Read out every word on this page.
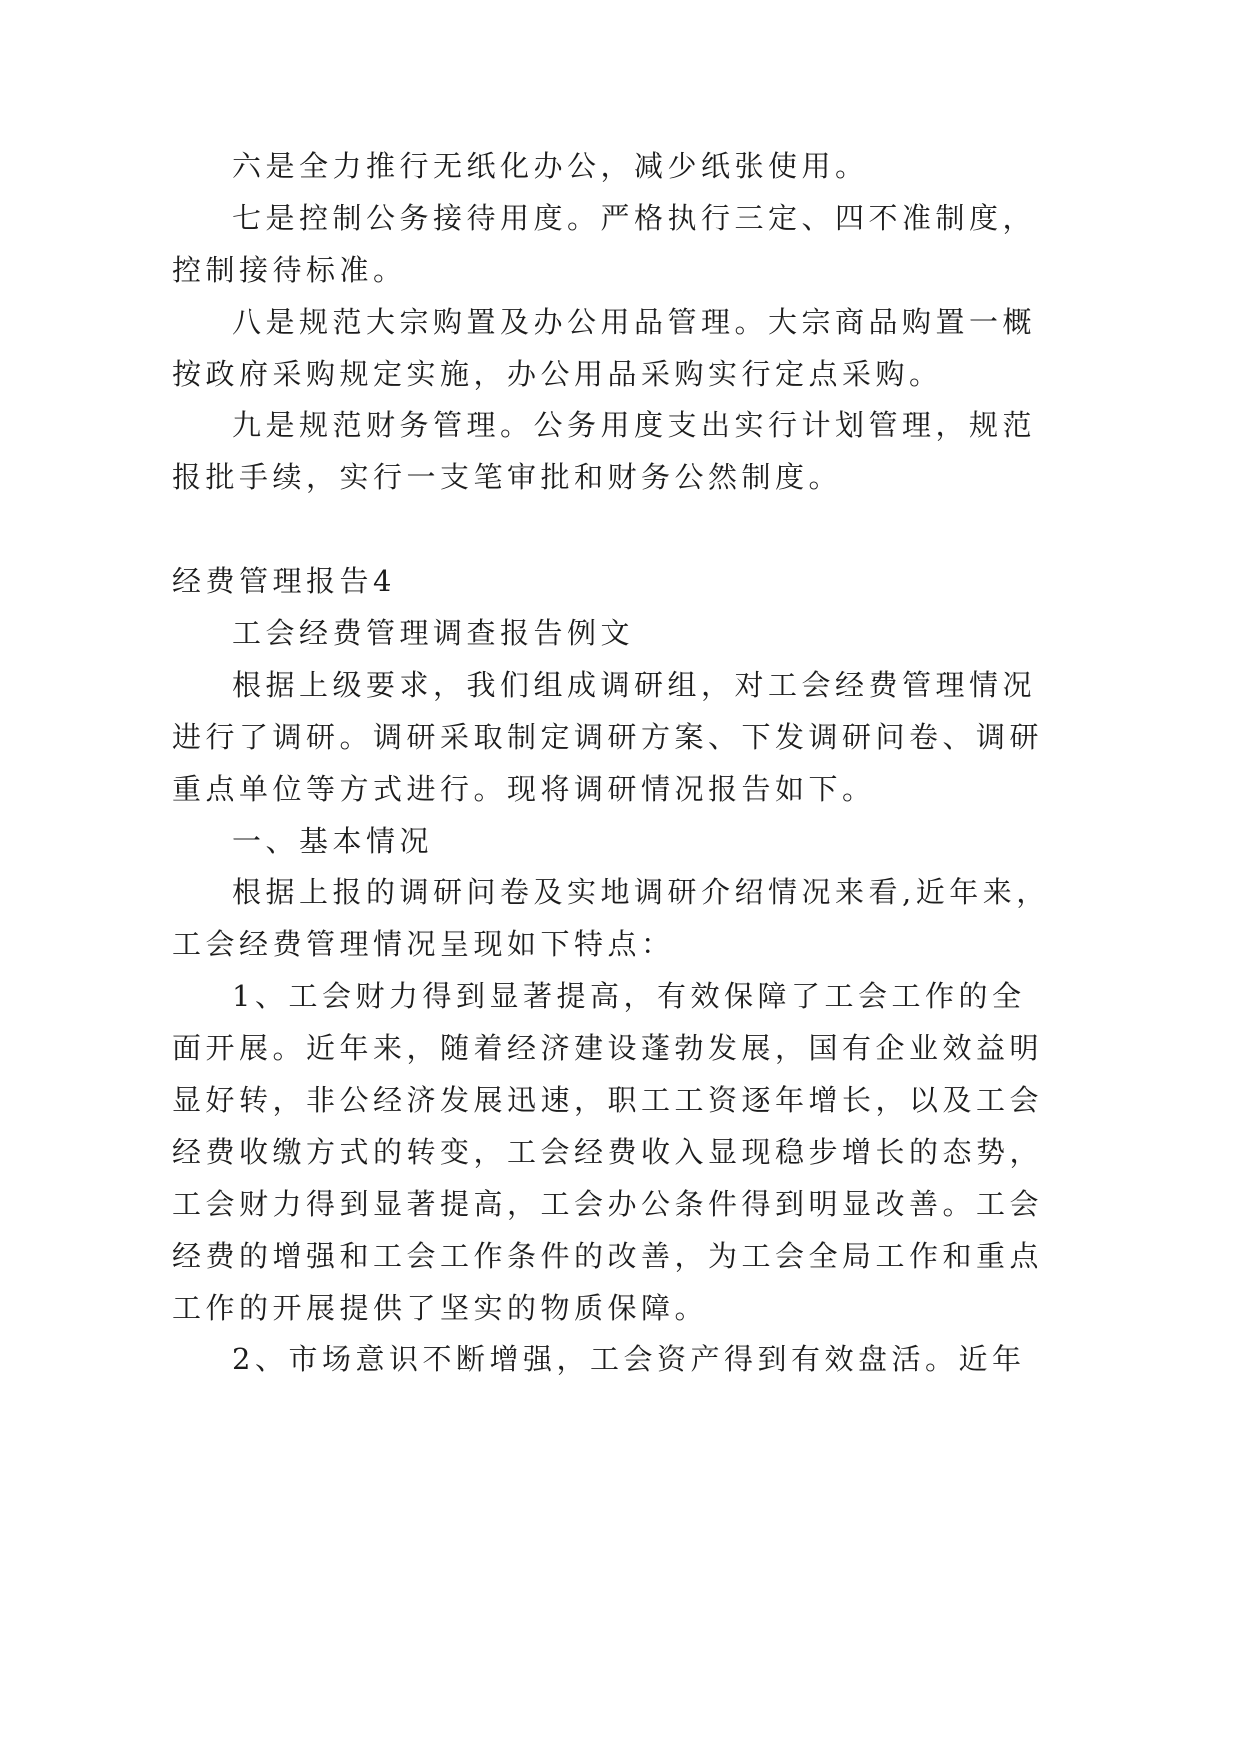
六是全力推行无纸化办公，减少纸张使用。
七是控制公务接待用度。严格执行三定、四不准制度，
控制接待标准。
八是规范大宗购置及办公用品管理。大宗商品购置一概
按政府采购规定实施，办公用品采购实行定点采购。
九是规范财务管理。公务用度支出实行计划管理，规范
报批手续，实行一支笔审批和财务公然制度。
经费管理报告4
工会经费管理调查报告例文
根据上级要求，我们组成调研组，对工会经费管理情况
进行了调研。调研采取制定调研方案、下发调研问卷、调研
重点单位等方式进行。现将调研情况报告如下。
一、基本情况
根据上报的调研问卷及实地调研介绍情况来看,近年来，
工会经费管理情况呈现如下特点：
1、工会财力得到显著提高，有效保障了工会工作的全
面开展。近年来，随着经济建设蓬勃发展，国有企业效益明
显好转，非公经济发展迅速，职工工资逐年增长，以及工会
经费收缴方式的转变，工会经费收入显现稳步增长的态势，
工会财力得到显著提高，工会办公条件得到明显改善。工会
经费的增强和工会工作条件的改善，为工会全局工作和重点
工作的开展提供了坚实的物质保障。
2、市场意识不断增强，工会资产得到有效盘活。近年
